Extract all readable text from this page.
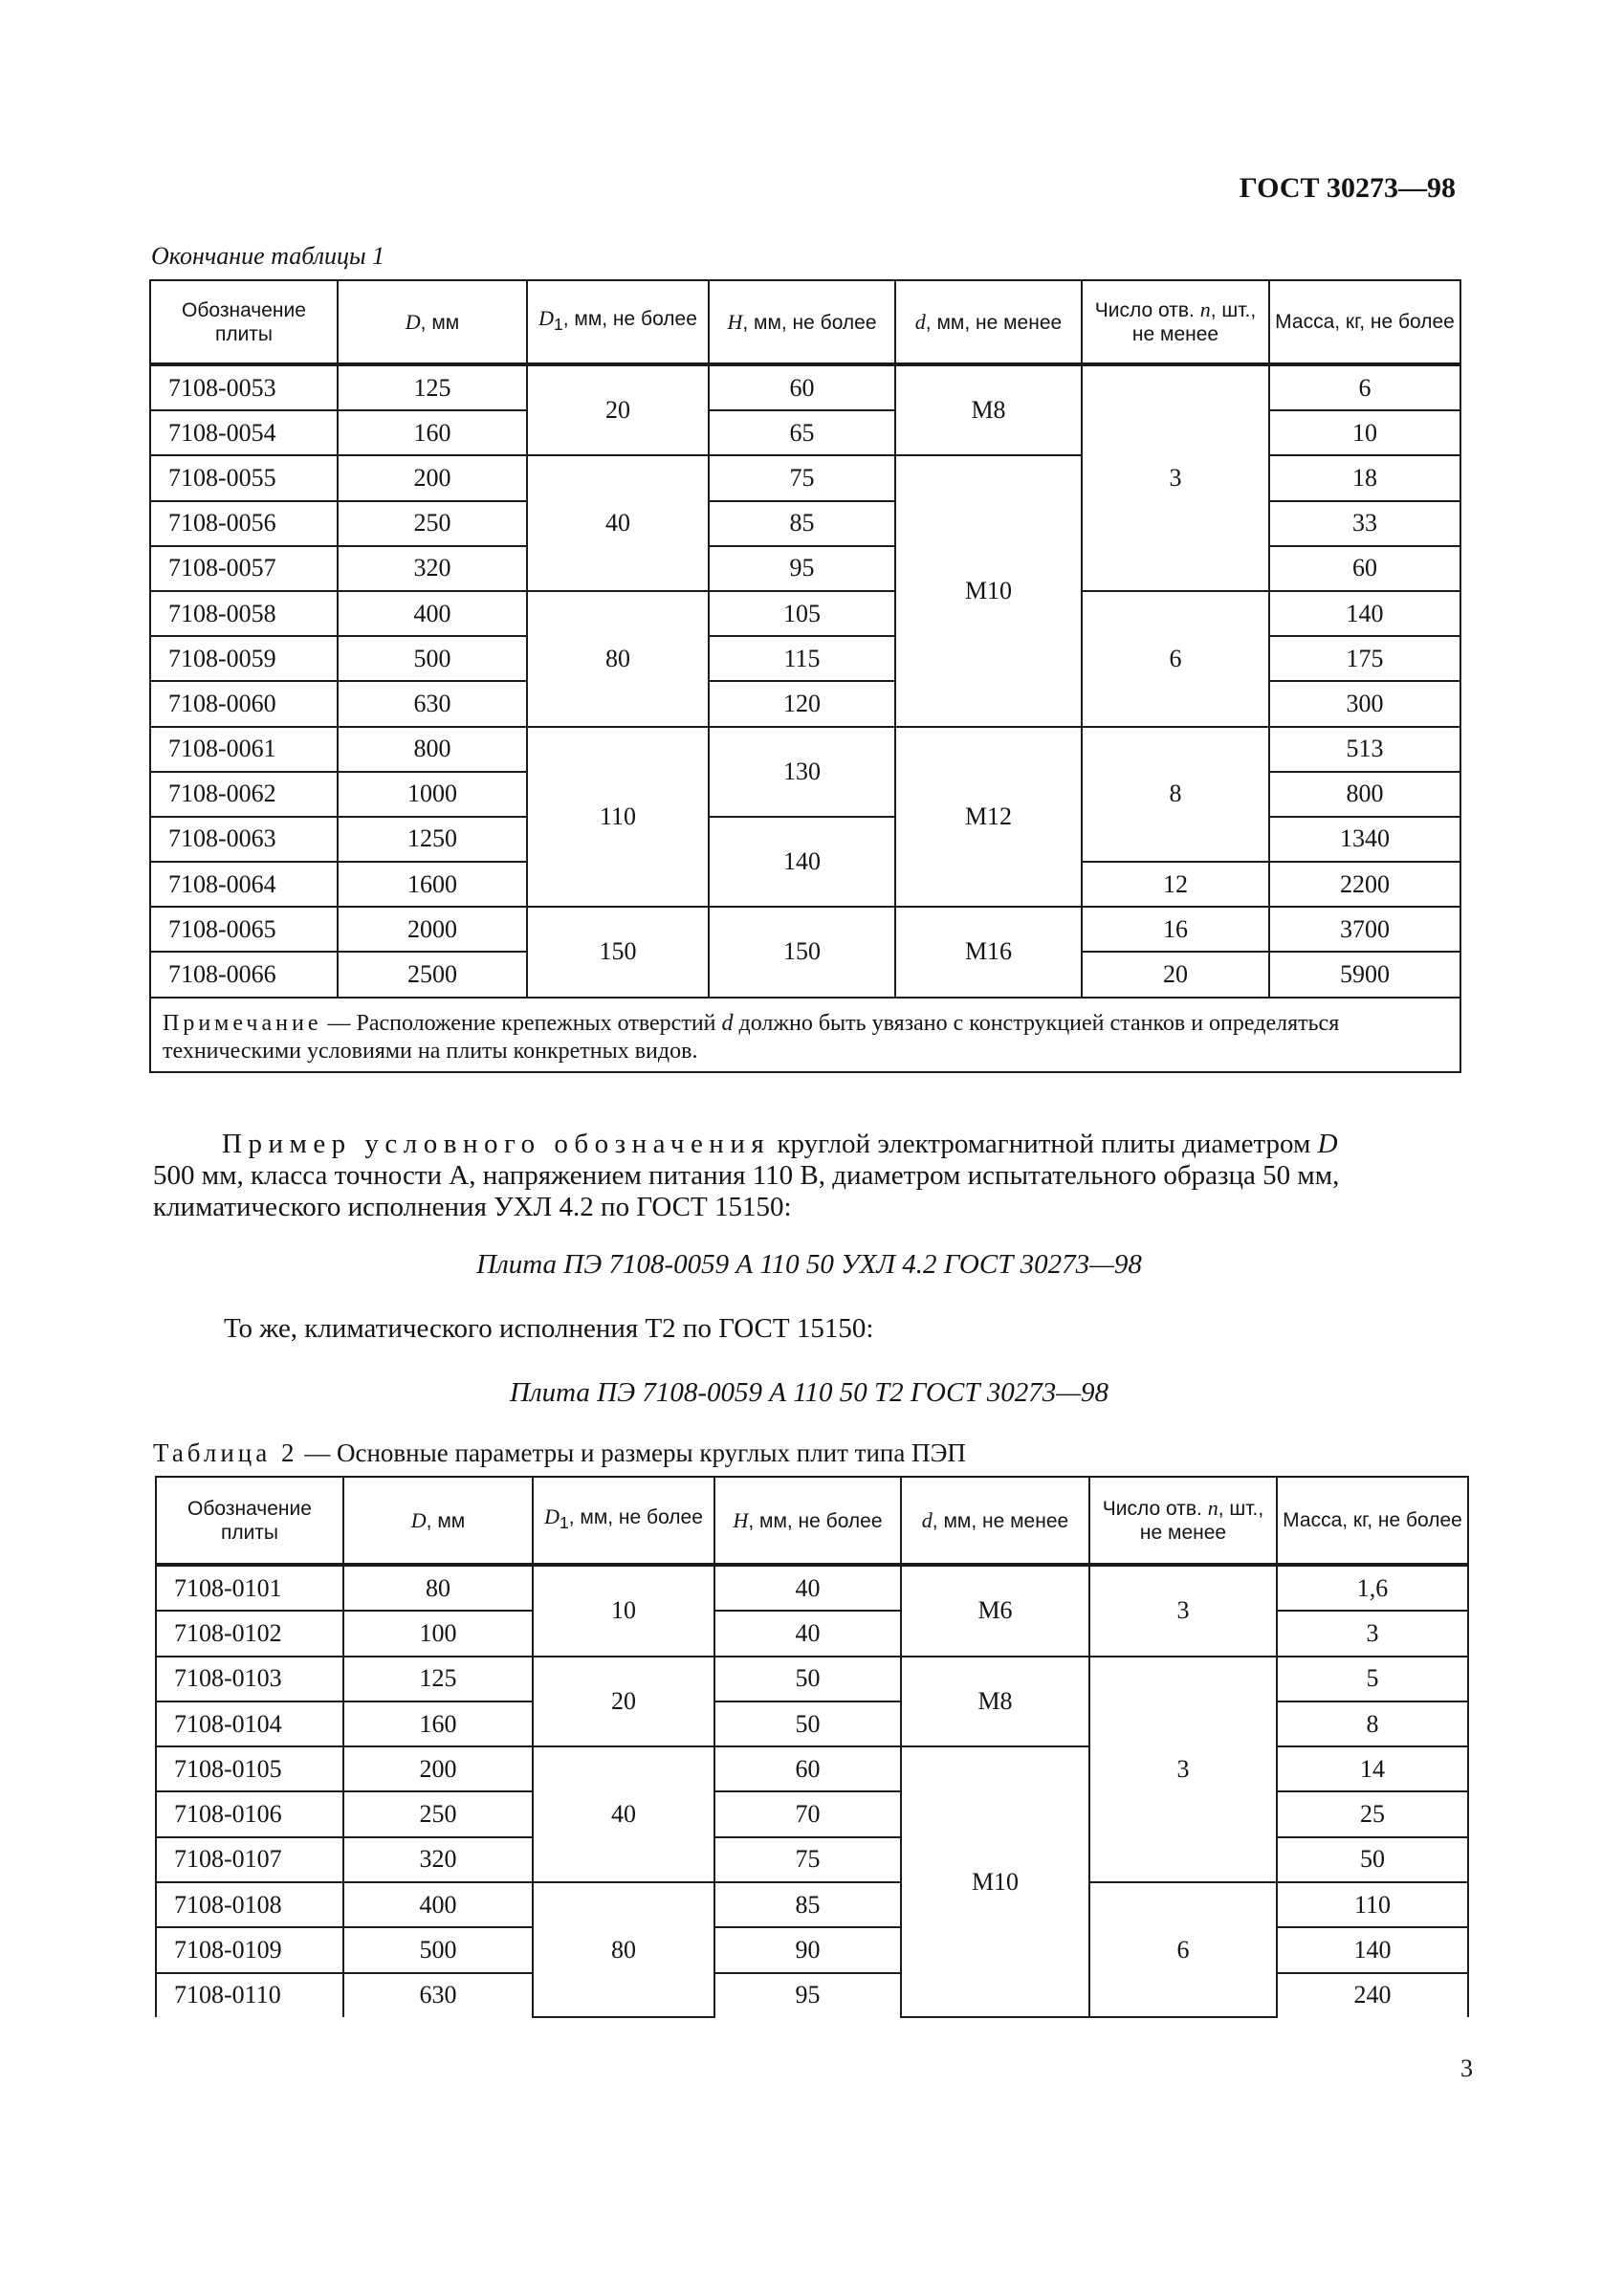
ГОСТ 30273—98
Окончание таблицы 1
Обозначение плиты	D, мм	$D_1$, мм, не более	H, мм, не более	d, мм, не менее	Число отв. n, шт., не менее	Масса, кг, не более
7108-0053	125	20	60	M8	3	6
7108-0054	160		65			10
7108-0055	200	40	75	M10		18
7108-0056	250		85			33
7108-0057	320		95			60
7108-0058	400	80	105		6	140
7108-0059	500		115			175
7108-0060	630		120			300
7108-0061	800	110	130	M12	8	513
7108-0062	1000					800
7108-0063	1250		140			1340
7108-0064	1600				12	2200
7108-0065	2000	150	150	M16	16	3700
7108-0066	2500				20	5900
Примечание — Расположение крепежных отверстий d должно быть увязано с конструкцией станков и определяться техническими условиями на плиты конкретных видов.						
Пример условного обозначения круглой электромагнитной плиты диаметром D
500 мм, класса точности А, напряжением питания 110 В, диаметром испытательного образца 50 мм,
климатического исполнения УХЛ 4.2 по ГОСТ 15150:
Плита ПЭ 7108-0059 А 110 50 УХЛ 4.2 ГОСТ 30273—98
То же, климатического исполнения Т2 по ГОСТ 15150:
Плита ПЭ 7108-0059 А 110 50 Т2 ГОСТ 30273—98
Таблица 2 — Основные параметры и размеры круглых плит типа ПЭП
Обозначение плиты	D, мм	$D_1$, мм, не более	H, мм, не более	d, мм, не менее	Число отв. n, шт., не менее	Масса, кг, не более
7108-0101	80	10	40	M6	3	1,6
7108-0102	100		40			3
7108-0103	125	20	50	M8	3	5
7108-0104	160		50			8
7108-0105	200	40	60	M10		14
7108-0106	250		70			25
7108-0107	320		75			50
7108-0108	400	80	85		6	110
7108-0109	500		90			140
7108-0110	630		95			240
3
